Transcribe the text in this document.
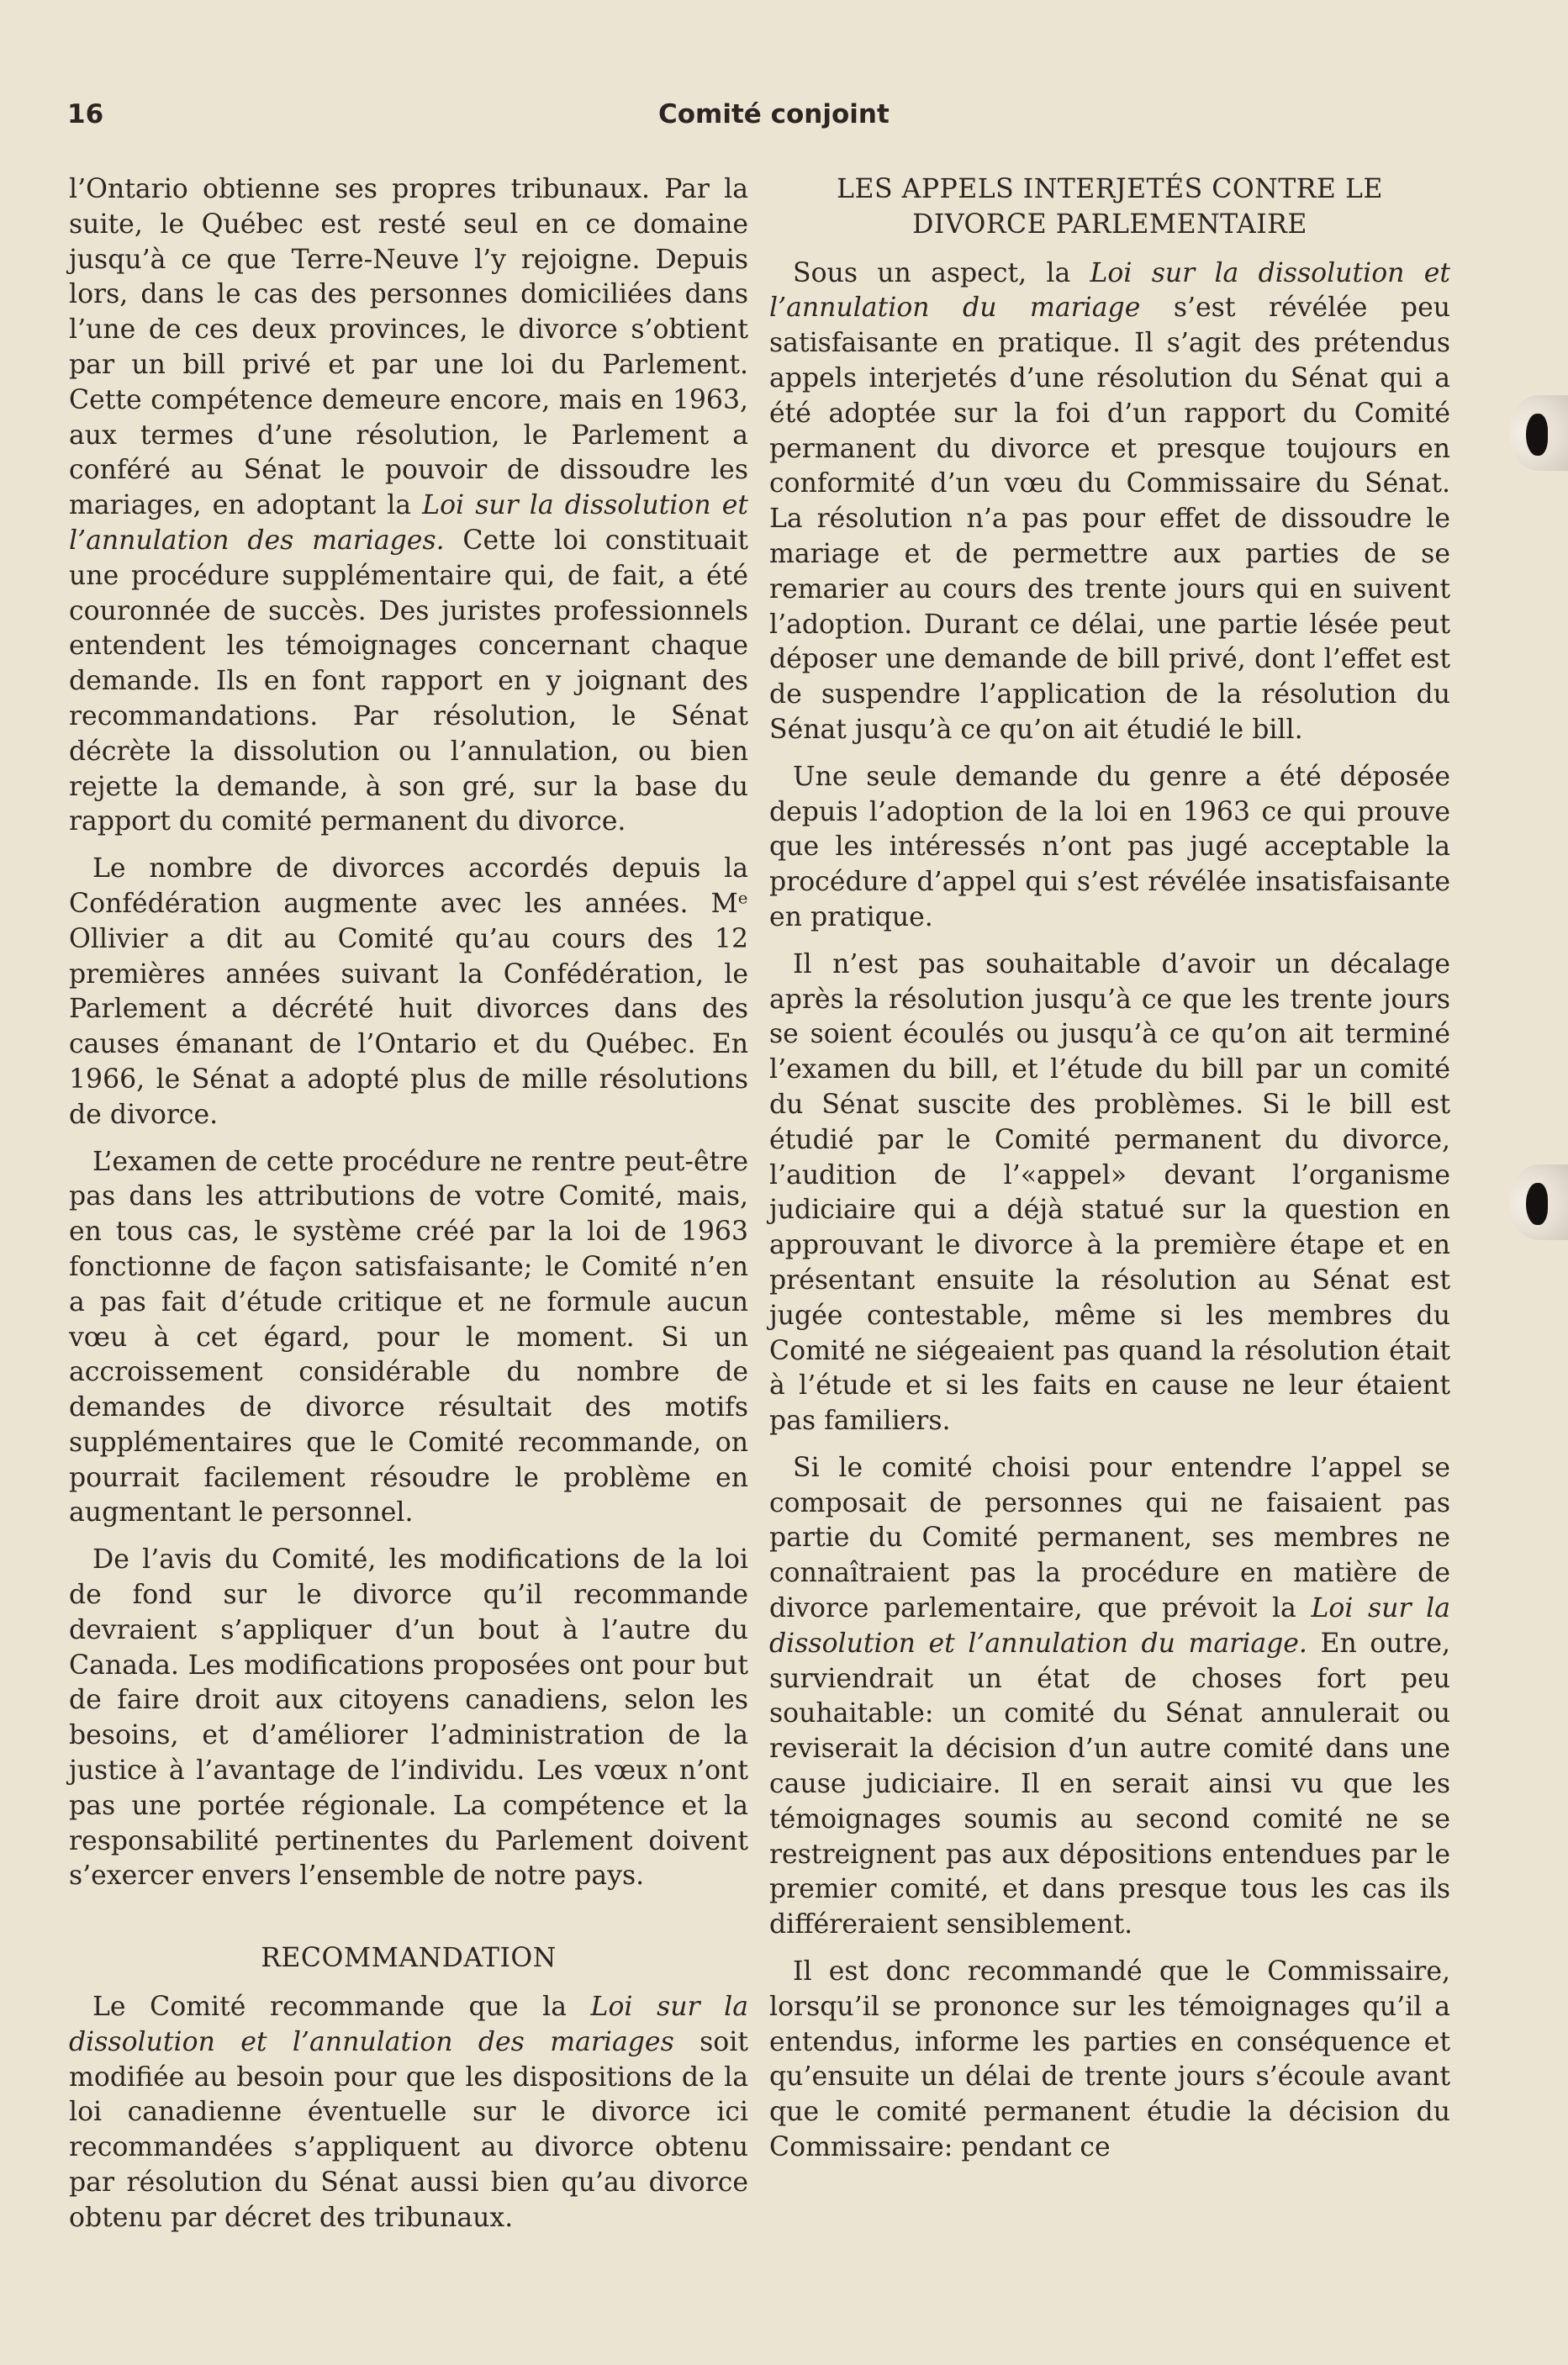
16	Comité conjoint

l’Ontario obtienne ses propres tribunaux. Par la suite, le Québec est resté seul en ce domaine jusqu’à ce que Terre-Neuve l’y rejoigne. Depuis lors, dans le cas des personnes domiciliées dans l’une de ces deux provinces, le divorce s’obtient par un bill privé et par une loi du Parlement. Cette compétence demeure encore, mais en 1963, aux termes d’une résolution, le Parlement a conféré au Sénat le pouvoir de dissoudre les mariages, en adoptant la Loi sur la dissolution et l’annulation des mariages. Cette loi constituait une procédure supplémentaire qui, de fait, a été couronnée de succès. Des juristes professionnels entendent les témoignages concernant chaque demande. Ils en font rapport en y joignant des recommandations. Par résolution, le Sénat décrète la dissolution ou l’annulation, ou bien rejette la demande, à son gré, sur la base du rapport du comité permanent du divorce.

Le nombre de divorces accordés depuis la Confédération augmente avec les années. Mᵉ Ollivier a dit au Comité qu’au cours des 12 premières années suivant la Confédération, le Parlement a décrété huit divorces dans des causes émanant de l’Ontario et du Québec. En 1966, le Sénat a adopté plus de mille résolutions de divorce.

L’examen de cette procédure ne rentre peut-être pas dans les attributions de votre Comité, mais, en tous cas, le système créé par la loi de 1963 fonctionne de façon satisfaisante; le Comité n’en a pas fait d’étude critique et ne formule aucun vœu à cet égard, pour le moment. Si un accroissement considérable du nombre de demandes de divorce résultait des motifs supplémentaires que le Comité recommande, on pourrait facilement résoudre le problème en augmentant le personnel.

De l’avis du Comité, les modifications de la loi de fond sur le divorce qu’il recommande devraient s’appliquer d’un bout à l’autre du Canada. Les modifications proposées ont pour but de faire droit aux citoyens canadiens, selon les besoins, et d’améliorer l’administration de la justice à l’avantage de l’individu. Les vœux n’ont pas une portée régionale. La compétence et la responsabilité pertinentes du Parlement doivent s’exercer envers l’ensemble de notre pays.

RECOMMANDATION

Le Comité recommande que la Loi sur la dissolution et l’annulation des mariages soit modifiée au besoin pour que les dispositions de la loi canadienne éventuelle sur le divorce ici recommandées s’appliquent au divorce obtenu par résolution du Sénat aussi bien qu’au divorce obtenu par décret des tribunaux.

LES APPELS INTERJETÉS CONTRE LE
DIVORCE PARLEMENTAIRE

Sous un aspect, la Loi sur la dissolution et l’annulation du mariage s’est révélée peu satisfaisante en pratique. Il s’agit des prétendus appels interjetés d’une résolution du Sénat qui a été adoptée sur la foi d’un rapport du Comité permanent du divorce et presque toujours en conformité d’un vœu du Commissaire du Sénat. La résolution n’a pas pour effet de dissoudre le mariage et de permettre aux parties de se remarier au cours des trente jours qui en suivent l’adoption. Durant ce délai, une partie lésée peut déposer une demande de bill privé, dont l’effet est de suspendre l’application de la résolution du Sénat jusqu’à ce qu’on ait étudié le bill.

Une seule demande du genre a été déposée depuis l’adoption de la loi en 1963 ce qui prouve que les intéressés n’ont pas jugé acceptable la procédure d’appel qui s’est révélée insatisfaisante en pratique.

Il n’est pas souhaitable d’avoir un décalage après la résolution jusqu’à ce que les trente jours se soient écoulés ou jusqu’à ce qu’on ait terminé l’examen du bill, et l’étude du bill par un comité du Sénat suscite des problèmes. Si le bill est étudié par le Comité permanent du divorce, l’audition de l’«appel» devant l’organisme judiciaire qui a déjà statué sur la question en approuvant le divorce à la première étape et en présentant ensuite la résolution au Sénat est jugée contestable, même si les membres du Comité ne siégeaient pas quand la résolution était à l’étude et si les faits en cause ne leur étaient pas familiers.

Si le comité choisi pour entendre l’appel se composait de personnes qui ne faisaient pas partie du Comité permanent, ses membres ne connaîtraient pas la procédure en matière de divorce parlementaire, que prévoit la Loi sur la dissolution et l’annulation du mariage. En outre, surviendrait un état de choses fort peu souhaitable: un comité du Sénat annulerait ou reviserait la décision d’un autre comité dans une cause judiciaire. Il en serait ainsi vu que les témoignages soumis au second comité ne se restreignent pas aux dépositions entendues par le premier comité, et dans presque tous les cas ils différeraient sensiblement.

Il est donc recommandé que le Commissaire, lorsqu’il se prononce sur les témoignages qu’il a entendus, informe les parties en conséquence et qu’ensuite un délai de trente jours s’écoule avant que le comité permanent étudie la décision du Commissaire: pendant ce
